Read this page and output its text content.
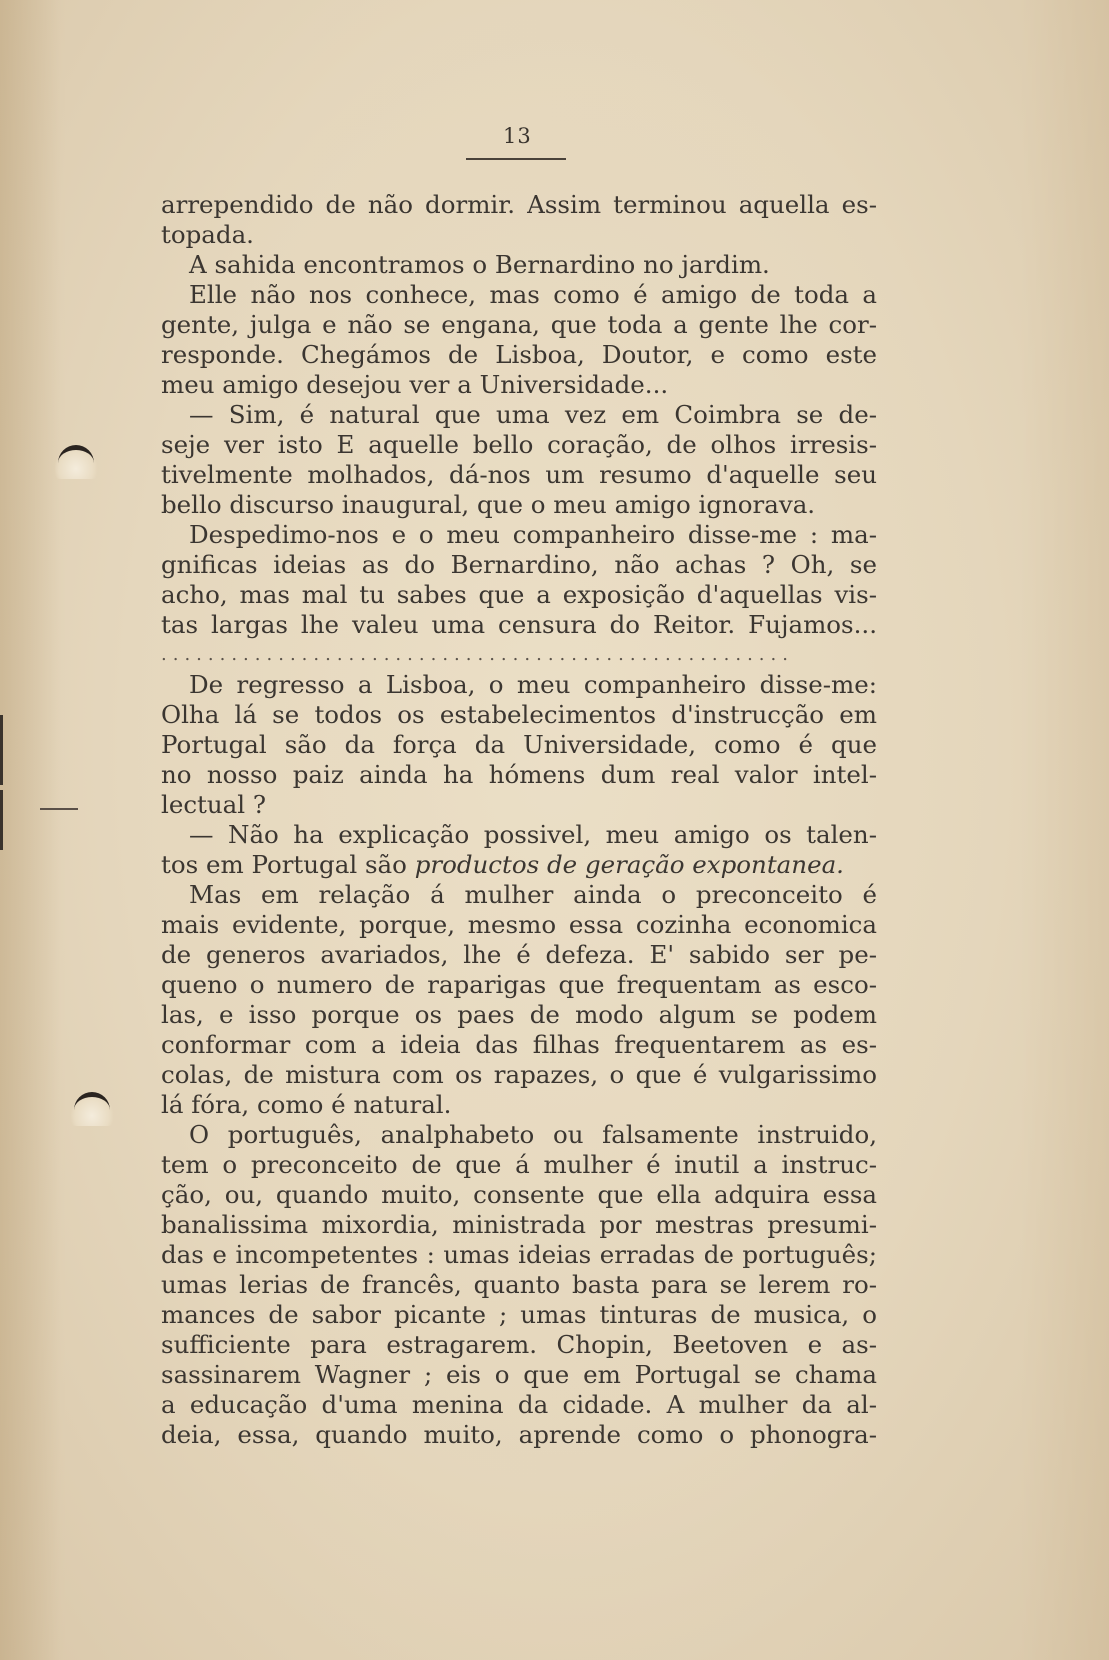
13
arrependido de não dormir. Assim terminou aquella es-
topada.
A sahida encontramos o Bernardino no jardim.
Elle não nos conhece, mas como é amigo de toda a
gente, julga e não se engana, que toda a gente lhe cor-
responde. Chegámos de Lisboa, Doutor, e como este
meu amigo desejou ver a Universidade...
— Sim, é natural que uma vez em Coimbra se de-
seje ver isto E aquelle bello coração, de olhos irresis-
tivelmente molhados, dá-nos um resumo d'aquelle seu
bello discurso inaugural, que o meu amigo ignorava.
Despedimo-nos e o meu companheiro disse-me : ma-
gnificas ideias as do Bernardino, não achas ? Oh, se
acho, mas mal tu sabes que a exposição d'aquellas vis-
tas largas lhe valeu uma censura do Reitor. Fujamos...
......................................................
De regresso a Lisboa, o meu companheiro disse-me:
Olha lá se todos os estabelecimentos d'instrucção em
Portugal são da força da Universidade, como é que
no nosso paiz ainda ha hómens dum real valor intel-
lectual ?
— Não ha explicação possivel, meu amigo os talen-
tos em Portugal são productos de geração expontanea.
Mas em relação á mulher ainda o preconceito é
mais evidente, porque, mesmo essa cozinha economica
de generos avariados, lhe é defeza. E' sabido ser pe-
queno o numero de raparigas que frequentam as esco-
las, e isso porque os paes de modo algum se podem
conformar com a ideia das filhas frequentarem as es-
colas, de mistura com os rapazes, o que é vulgarissimo
lá fóra, como é natural.
O português, analphabeto ou falsamente instruido,
tem o preconceito de que á mulher é inutil a instruc-
ção, ou, quando muito, consente que ella adquira essa
banalissima mixordia, ministrada por mestras presumi-
das e incompetentes : umas ideias erradas de português;
umas lerias de francês, quanto basta para se lerem ro-
mances de sabor picante ; umas tinturas de musica, o
sufficiente para estragarem. Chopin, Beetoven e as-
sassinarem Wagner ; eis o que em Portugal se chama
a educação d'uma menina da cidade. A mulher da al-
deia, essa, quando muito, aprende como o phonogra-
